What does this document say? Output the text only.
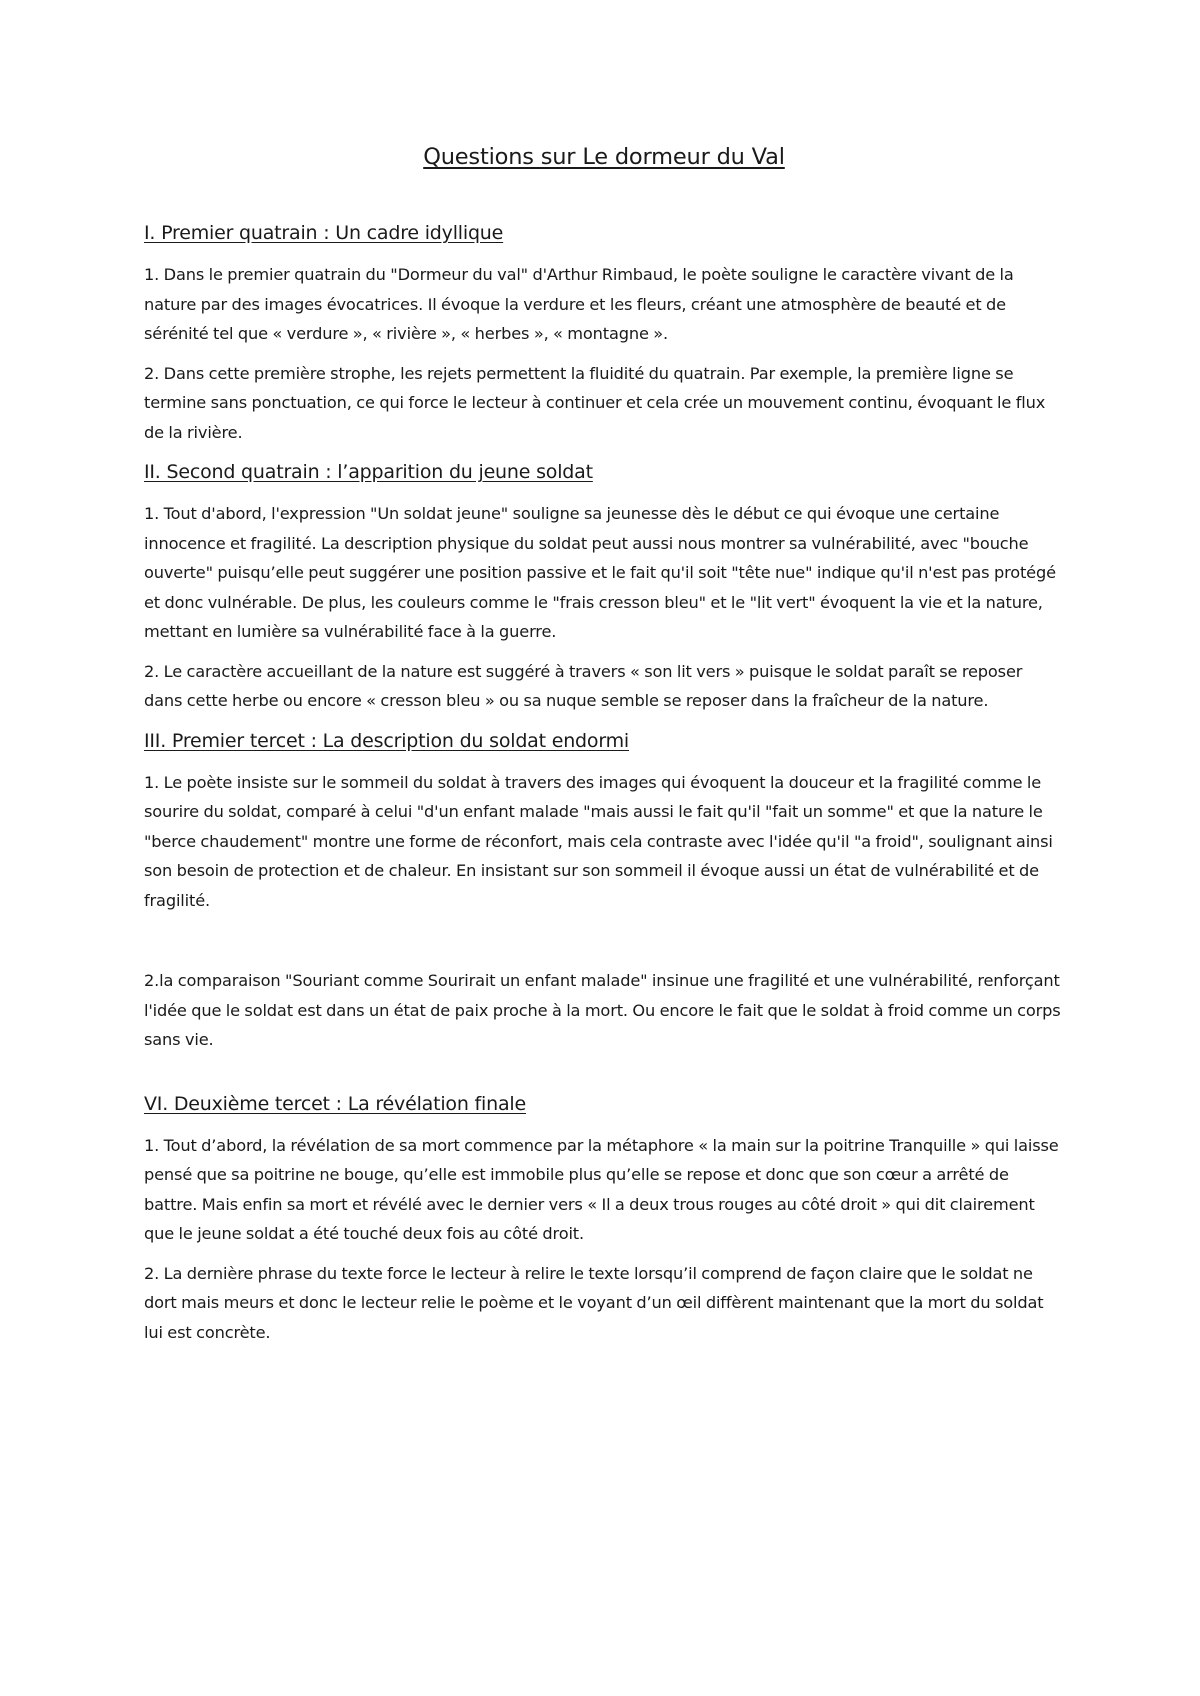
Questions sur Le dormeur du Val
I. Premier quatrain : Un cadre idyllique

1. Dans le premier quatrain du "Dormeur du val" d'Arthur Rimbaud, le poète souligne le caractère vivant de la nature par des images évocatrices. Il évoque la verdure et les fleurs, créant une atmosphère de beauté et de sérénité tel que « verdure », « rivière », « herbes », « montagne ».

2. Dans cette première strophe, les rejets permettent la fluidité du quatrain. Par exemple, la première ligne se termine sans ponctuation, ce qui force le lecteur à continuer et cela crée un mouvement continu, évoquant le flux de la rivière.

II. Second quatrain : l’apparition du jeune soldat

1. Tout d'abord, l'expression "Un soldat jeune" souligne sa jeunesse dès le début ce qui évoque une certaine innocence et fragilité. La description physique du soldat peut aussi nous montrer sa vulnérabilité, avec "bouche ouverte" puisqu’elle peut suggérer une position passive et le fait qu'il soit "tête nue" indique qu'il n'est pas protégé et donc vulnérable. De plus, les couleurs comme le "frais cresson bleu" et le "lit vert" évoquent la vie et la nature, mettant en lumière sa vulnérabilité face à la guerre.

2. Le caractère accueillant de la nature est suggéré à travers « son lit vers » puisque le soldat paraît se reposer dans cette herbe ou encore « cresson bleu » ou sa nuque semble se reposer dans la fraîcheur de la nature.

III. Premier tercet : La description du soldat endormi

1. Le poète insiste sur le sommeil du soldat à travers des images qui évoquent la douceur et la fragilité comme le sourire du soldat, comparé à celui "d'un enfant malade "mais aussi le fait qu'il "fait un somme" et que la nature le "berce chaudement" montre une forme de réconfort, mais cela contraste avec l'idée qu'il "a froid", soulignant ainsi son besoin de protection et de chaleur. En insistant sur son sommeil il évoque aussi un état de vulnérabilité et de fragilité.

2.la comparaison "Souriant comme Sourirait un enfant malade" insinue une fragilité et une vulnérabilité, renforçant l'idée que le soldat est dans un état de paix proche à la mort. Ou encore le fait que le soldat à froid comme un corps sans vie.

VI. Deuxième tercet : La révélation finale

1. Tout d’abord, la révélation de sa mort commence par la métaphore « la main sur la poitrine Tranquille » qui laisse pensé que sa poitrine ne bouge, qu’elle est immobile plus qu’elle se repose et donc que son cœur a arrêté de battre. Mais enfin sa mort et révélé avec le dernier vers « Il a deux trous rouges au côté droit » qui dit clairement que le jeune soldat a été touché deux fois au côté droit.

2. La dernière phrase du texte force le lecteur à relire le texte lorsqu’il comprend de façon claire que le soldat ne dort mais meurs et donc le lecteur relie le poème et le voyant d’un œil diffèrent maintenant que la mort du soldat lui est concrète.
